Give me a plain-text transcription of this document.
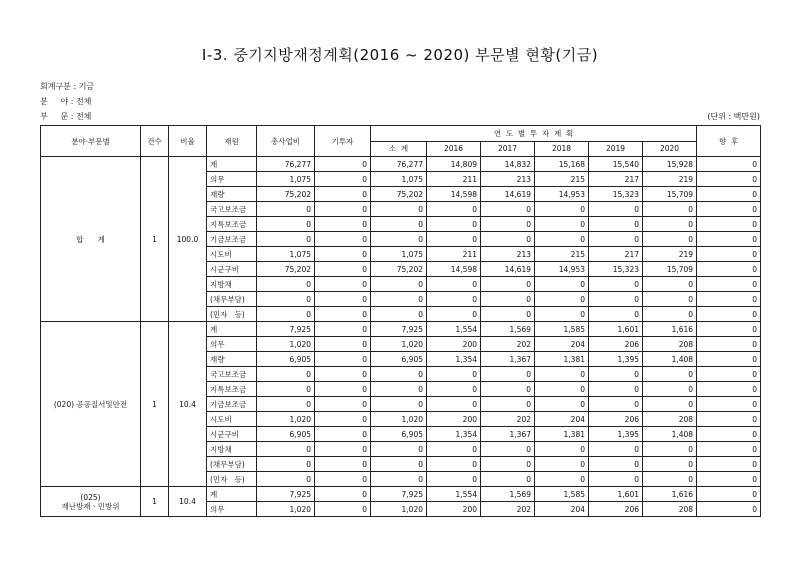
Ⅰ-3. 중기지방재정계획(2016 ~ 2020) 부문별 현황(기금)
회계구분 : 기금
분     야 : 전체
부     문 : 전체	(단위 : 백만원)
분야·부문별	건수	비율	재원	총사업비	기투자	연  도  별  투  자  계  획						향  후
						소  계	2016	2017	2018	2019	2020	
합      계	1	100.0	계	76,277	0	76,277	14,809	14,832	15,168	15,540	15,928	0
			의무	1,075	0	1,075	211	213	215	217	219	0
			재량	75,202	0	75,202	14,598	14,619	14,953	15,323	15,709	0
			국고보조금	0	0	0	0	0	0	0	0	0
			지특보조금	0	0	0	0	0	0	0	0	0
			기금보조금	0	0	0	0	0	0	0	0	0
			시도비	1,075	0	1,075	211	213	215	217	219	0
			시군구비	75,202	0	75,202	14,598	14,619	14,953	15,323	15,709	0
			지방채	0	0	0	0	0	0	0	0	0
			(채무부담)	0	0	0	0	0	0	0	0	0
			(민자   등)	0	0	0	0	0	0	0	0	0
(020) 공공질서및안전	1	10.4	계	7,925	0	7,925	1,554	1,569	1,585	1,601	1,616	0
			의무	1,020	0	1,020	200	202	204	206	208	0
			재량	6,905	0	6,905	1,354	1,367	1,381	1,395	1,408	0
			국고보조금	0	0	0	0	0	0	0	0	0
			지특보조금	0	0	0	0	0	0	0	0	0
			기금보조금	0	0	0	0	0	0	0	0	0
			시도비	1,020	0	1,020	200	202	204	206	208	0
			시군구비	6,905	0	6,905	1,354	1,367	1,381	1,395	1,408	0
			지방채	0	0	0	0	0	0	0	0	0
			(채무부담)	0	0	0	0	0	0	0	0	0
			(민자   등)	0	0	0	0	0	0	0	0	0

(025)
재난방재ㆍ민방위	1	10.4	계	7,925	0	7,925	1,554	1,569	1,585	1,601	1,616	0
			의무	1,020	0	1,020	200	202	204	206	208	0
